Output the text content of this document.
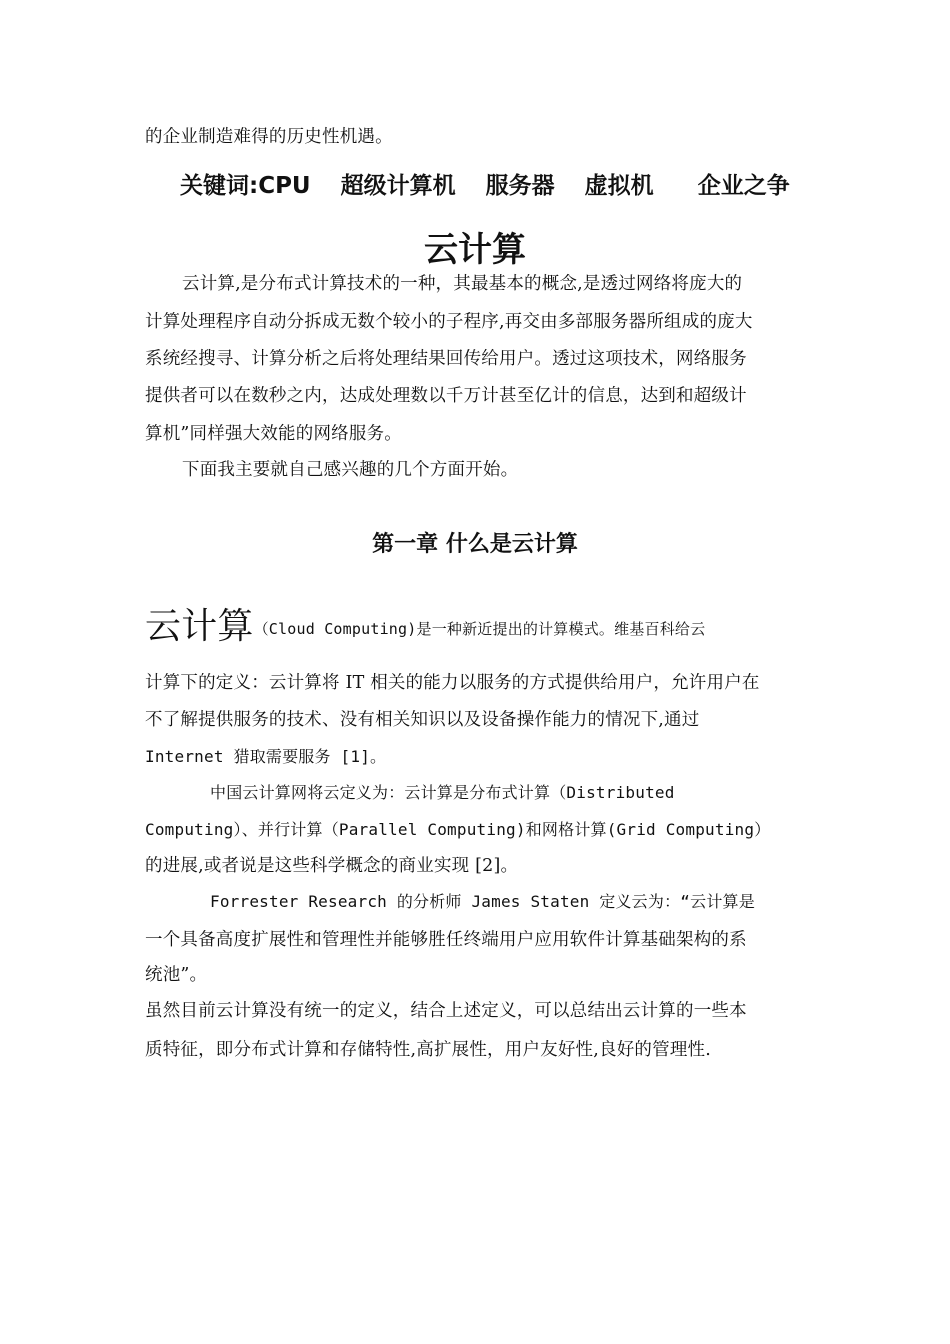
的企业制造难得的历史性机遇。
关键词:CPU 超级计算机 服务器 虚拟机 企业之争
云计算
云计算,是分布式计算技术的一种，其最基本的概念,是透过网络将庞大的
计算处理程序自动分拆成无数个较小的子程序,再交由多部服务器所组成的庞大
系统经搜寻、计算分析之后将处理结果回传给用户。透过这项技术，网络服务
提供者可以在数秒之内，达成处理数以千万计甚至亿计的信息，达到和超级计
算机”同样强大效能的网络服务。
下面我主要就自己感兴趣的几个方面开始。
第一章 什么是云计算
云计算（Cloud Computing)是一种新近提出的计算模式。维基百科给云
计算下的定义：云计算将 IT 相关的能力以服务的方式提供给用户，允许用户在
不了解提供服务的技术、没有相关知识以及设备操作能力的情况下,通过
Internet 猎取需要服务 [1]。
中国云计算网将云定义为：云计算是分布式计算（Distributed
Computing）、并行计算（Parallel Computing)和网格计算(Grid Computing）
的进展,或者说是这些科学概念的商业实现 [2]。
Forrester Research 的分析师 James Staten 定义云为：“云计算是
一个具备高度扩展性和管理性并能够胜任终端用户应用软件计算基础架构的系
统池”。
虽然目前云计算没有统一的定义，结合上述定义，可以总结出云计算的一些本
质特征，即分布式计算和存储特性,高扩展性，用户友好性,良好的管理性.
